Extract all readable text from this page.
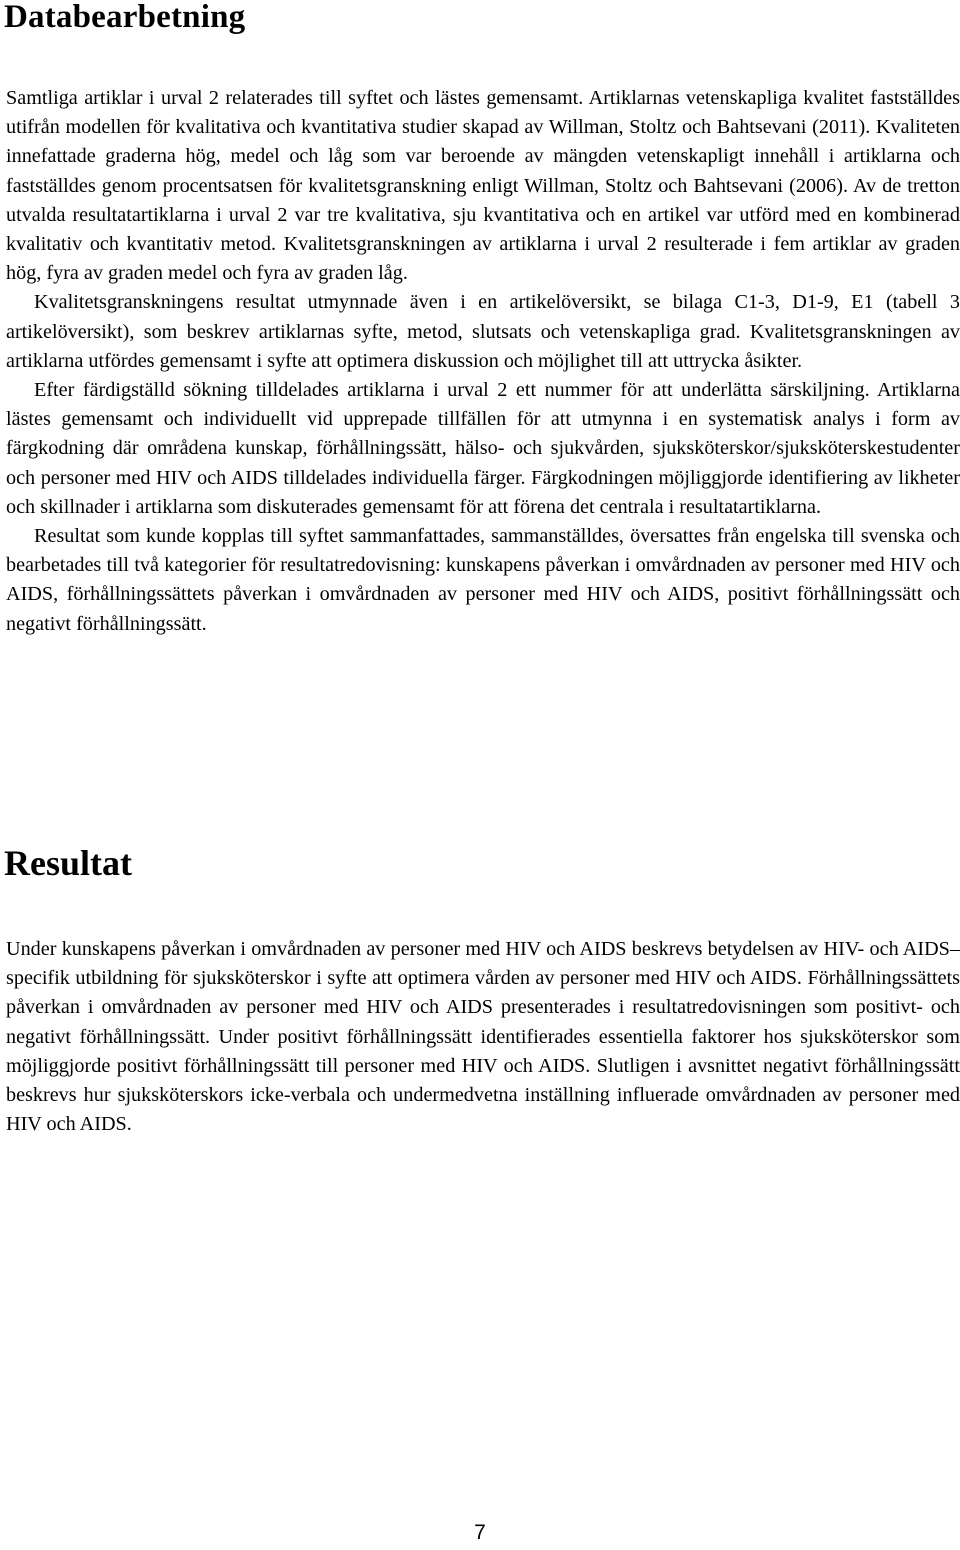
Databearbetning

Samtliga artiklar i urval 2 relaterades till syftet och lästes gemensamt. Artiklarnas vetenskapliga kvalitet fastställdes utifrån modellen för kvalitativa och kvantitativa studier skapad av Willman, Stoltz och Bahtsevani (2011). Kvaliteten innefattade graderna hög, medel och låg som var beroende av mängden vetenskapligt innehåll i artiklarna och fastställdes genom procentsatsen för kvalitetsgranskning enligt Willman, Stoltz och Bahtsevani (2006). Av de tretton utvalda resultatartiklarna i urval 2 var tre kvalitativa, sju kvantitativa och en artikel var utförd med en kombinerad kvalitativ och kvantitativ metod. Kvalitetsgranskningen av artiklarna i urval 2 resulterade i fem artiklar av graden hög, fyra av graden medel och fyra av graden låg.

Kvalitetsgranskningens resultat utmynnade även i en artikelöversikt, se bilaga C1-3, D1-9, E1 (tabell 3 artikelöversikt), som beskrev artiklarnas syfte, metod, slutsats och vetenskapliga grad. Kvalitetsgranskningen av artiklarna utfördes gemensamt i syfte att optimera diskussion och möjlighet till att uttrycka åsikter.

Efter färdigställd sökning tilldelades artiklarna i urval 2 ett nummer för att underlätta särskiljning. Artiklarna lästes gemensamt och individuellt vid upprepade tillfällen för att utmynna i en systematisk analys i form av färgkodning där områdena kunskap, förhållningssätt, hälso- och sjukvården, sjuksköterskor/sjuksköterskestudenter och personer med HIV och AIDS tilldelades individuella färger. Färgkodningen möjliggjorde identifiering av likheter och skillnader i artiklarna som diskuterades gemensamt för att förena det centrala i resultatartiklarna.

Resultat som kunde kopplas till syftet sammanfattades, sammanställdes, översattes från engelska till svenska och bearbetades till två kategorier för resultatredovisning: kunskapens påverkan i omvårdnaden av personer med HIV och AIDS, förhållningssättets påverkan i omvårdnaden av personer med HIV och AIDS, positivt förhållningssätt och negativt förhållningssätt.

Resultat

Under kunskapens påverkan i omvårdnaden av personer med HIV och AIDS beskrevs betydelsen av HIV- och AIDS– specifik utbildning för sjuksköterskor i syfte att optimera vården av personer med HIV och AIDS. Förhållningssättets påverkan i omvårdnaden av personer med HIV och AIDS presenterades i resultatredovisningen som positivt- och negativt förhållningssätt. Under positivt förhållningssätt identifierades essentiella faktorer hos sjuksköterskor som möjliggjorde positivt förhållningssätt till personer med HIV och AIDS. Slutligen i avsnittet negativt förhållningssätt beskrevs hur sjuksköterskors icke-verbala och undermedvetna inställning influerade omvårdnaden av personer med HIV och AIDS.

7
